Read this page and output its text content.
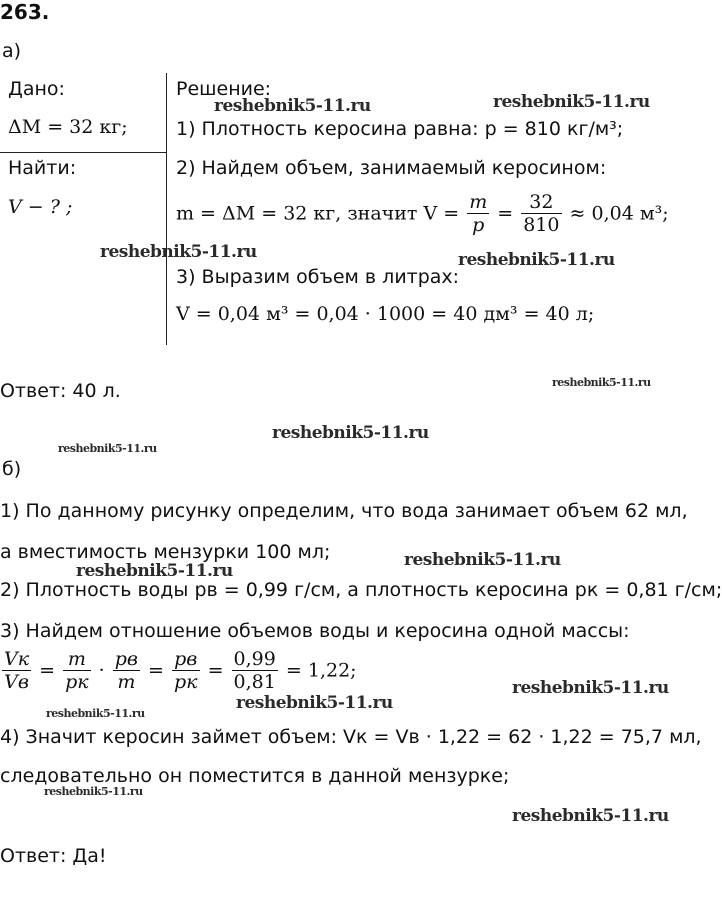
263.
а)
Дано:
ΔM = 32 кг;
Найти:
V − ? ;
Решение:
1) Плотность керосина равна: p = 810 кг/м³;
2) Найдем объем, занимаемый керосином:
m = ΔM = 32 кг, значит $V = \frac{m}{p} = \frac{32}{810} \approx 0,04$ м³;
3) Выразим объем в литрах:
V = 0,04 м³ = 0,04 · 1000 = 40 дм³ = 40 л;
Ответ: 40 л.
б)
1) По данному рисунку определим, что вода занимает объем 62 мл,
а вместимость мензурки 100 мл;
2) Плотность воды pв = 0,99 г/см, а плотность керосина pк = 0,81 г/см;
3) Найдем отношение объемов воды и керосина одной массы:
$\frac{Vк}{Vв} = \frac{m}{pк} \cdot \frac{pв}{m} = \frac{pв}{pк} = \frac{0,99}{0,81} = 1,22$;
4) Значит керосин займет объем: Vк = Vв · 1,22 = 62 · 1,22 = 75,7 мл,
следовательно он поместится в данной мензурке;
Ответ: Да!
reshebnik5-11.ru	reshebnik5-11.ru
reshebnik5-11.ru	reshebnik5-11.ru
reshebnik5-11.ru
reshebnik5-11.ru
reshebnik5-11.ru
reshebnik5-11.ru
reshebnik5-11.ru
reshebnik5-11.ru
reshebnik5-11.ru
reshebnik5-11.ru
reshebnik5-11.ru
reshebnik5-11.ru
